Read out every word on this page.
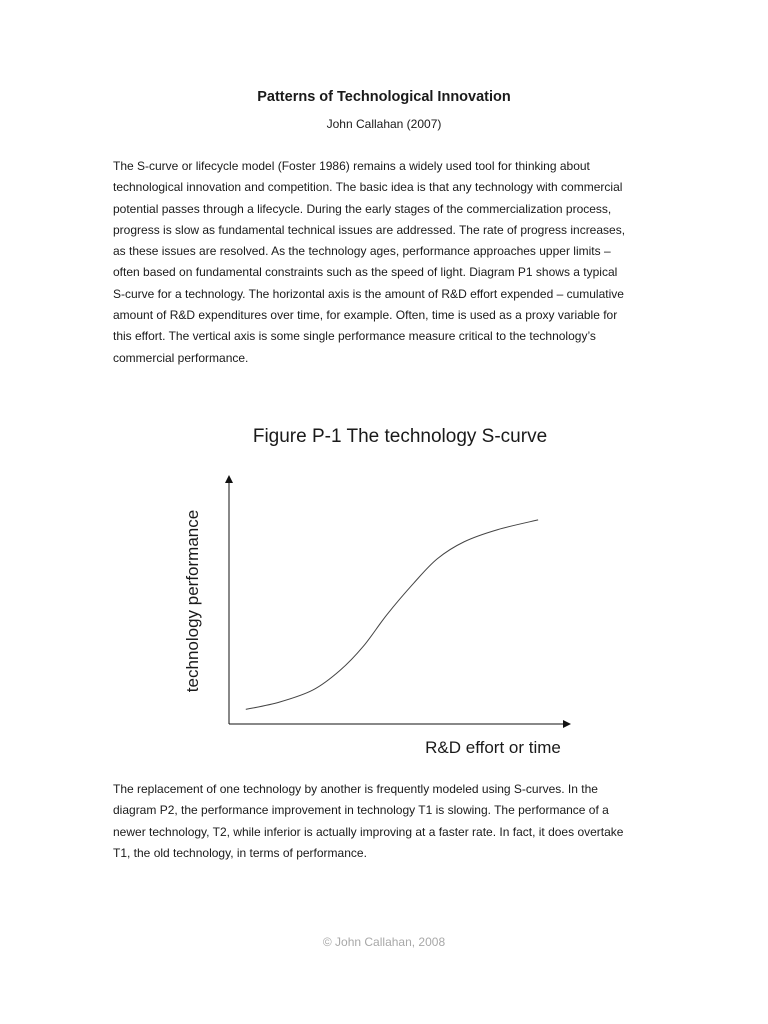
Patterns of Technological Innovation

John Callahan (2007)

The S-curve or lifecycle model (Foster 1986) remains a widely used tool for thinking about
technological innovation and competition. The basic idea is that any technology with commercial
potential passes through a lifecycle. During the early stages of the commercialization process,
progress is slow as fundamental technical issues are addressed. The rate of progress increases,
as these issues are resolved. As the technology ages, performance approaches upper limits –
often based on fundamental constraints such as the speed of light. Diagram P1 shows a typical
S-curve for a technology. The horizontal axis is the amount of R&D effort expended – cumulative
amount of R&D expenditures over time, for example. Often, time is used as a proxy variable for
this effort. The vertical axis is some single performance measure critical to the technology’s
commercial performance.

Figure P-1 The technology S-curve
technology performance
R&D effort or time

The replacement of one technology by another is frequently modeled using S-curves. In the
diagram P2, the performance improvement in technology T1 is slowing. The performance of a
newer technology, T2, while inferior is actually improving at a faster rate. In fact, it does overtake
T1, the old technology, in terms of performance.

© John Callahan, 2008
